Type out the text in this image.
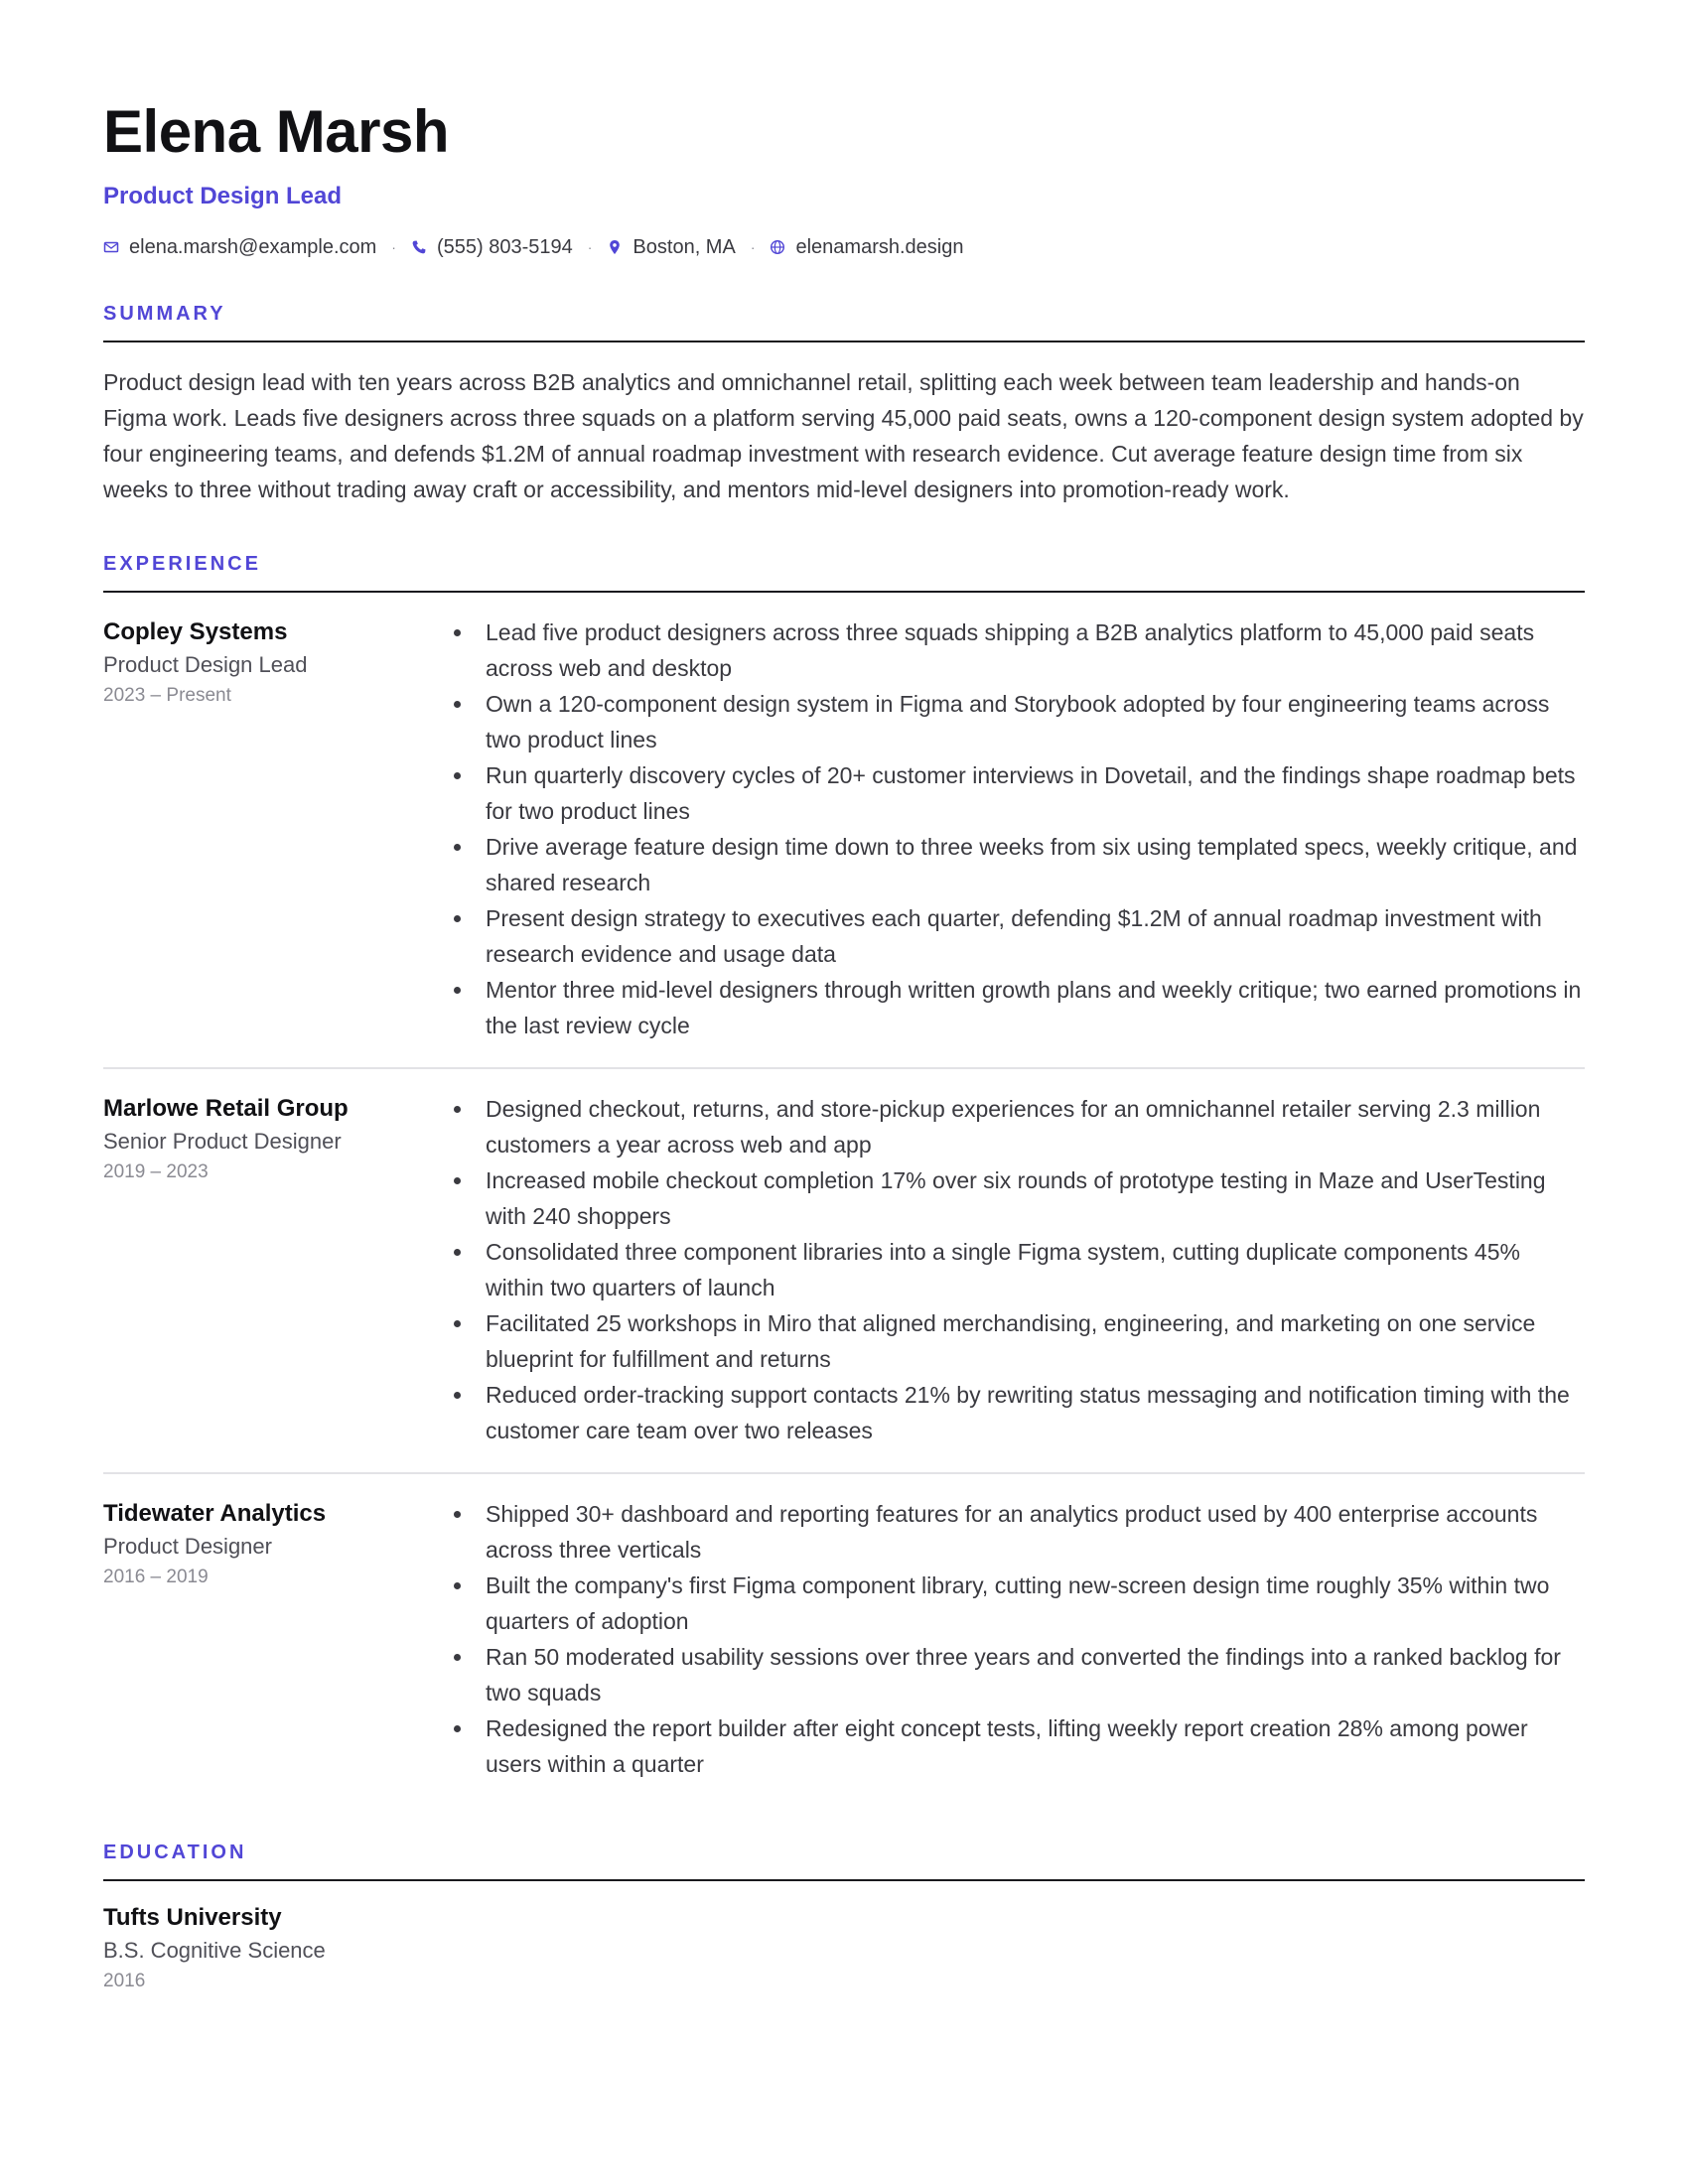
Elena Marsh
Product Design Lead
elena.marsh@example.com · (555) 803-5194 · Boston, MA · elenamarsh.design
SUMMARY

Product design lead with ten years across B2B analytics and omnichannel retail, splitting each week between team leadership and hands-on Figma work. Leads five designers across three squads on a platform serving 45,000 paid seats, owns a 120-component design system adopted by four engineering teams, and defends $1.2M of annual roadmap investment with research evidence. Cut average feature design time from six weeks to three without trading away craft or accessibility, and mentors mid-level designers into promotion-ready work.

EXPERIENCE
Copley Systems
Product Design Lead
2023 – Present
Lead five product designers across three squads shipping a B2B analytics platform to 45,000 paid seats across web and desktop
Own a 120-component design system in Figma and Storybook adopted by four engineering teams across two product lines
Run quarterly discovery cycles of 20+ customer interviews in Dovetail, and the findings shape roadmap bets for two product lines
Drive average feature design time down to three weeks from six using templated specs, weekly critique, and shared research
Present design strategy to executives each quarter, defending $1.2M of annual roadmap investment with research evidence and usage data
Mentor three mid-level designers through written growth plans and weekly critique; two earned promotions in the last review cycle
Marlowe Retail Group
Senior Product Designer
2019 – 2023
Designed checkout, returns, and store-pickup experiences for an omnichannel retailer serving 2.3 million customers a year across web and app
Increased mobile checkout completion 17% over six rounds of prototype testing in Maze and UserTesting with 240 shoppers
Consolidated three component libraries into a single Figma system, cutting duplicate components 45% within two quarters of launch
Facilitated 25 workshops in Miro that aligned merchandising, engineering, and marketing on one service blueprint for fulfillment and returns
Reduced order-tracking support contacts 21% by rewriting status messaging and notification timing with the customer care team over two releases
Tidewater Analytics
Product Designer
2016 – 2019
Shipped 30+ dashboard and reporting features for an analytics product used by 400 enterprise accounts across three verticals
Built the company's first Figma component library, cutting new-screen design time roughly 35% within two quarters of adoption
Ran 50 moderated usability sessions over three years and converted the findings into a ranked backlog for two squads
Redesigned the report builder after eight concept tests, lifting weekly report creation 28% among power users within a quarter
EDUCATION
Tufts University
B.S. Cognitive Science
2016
